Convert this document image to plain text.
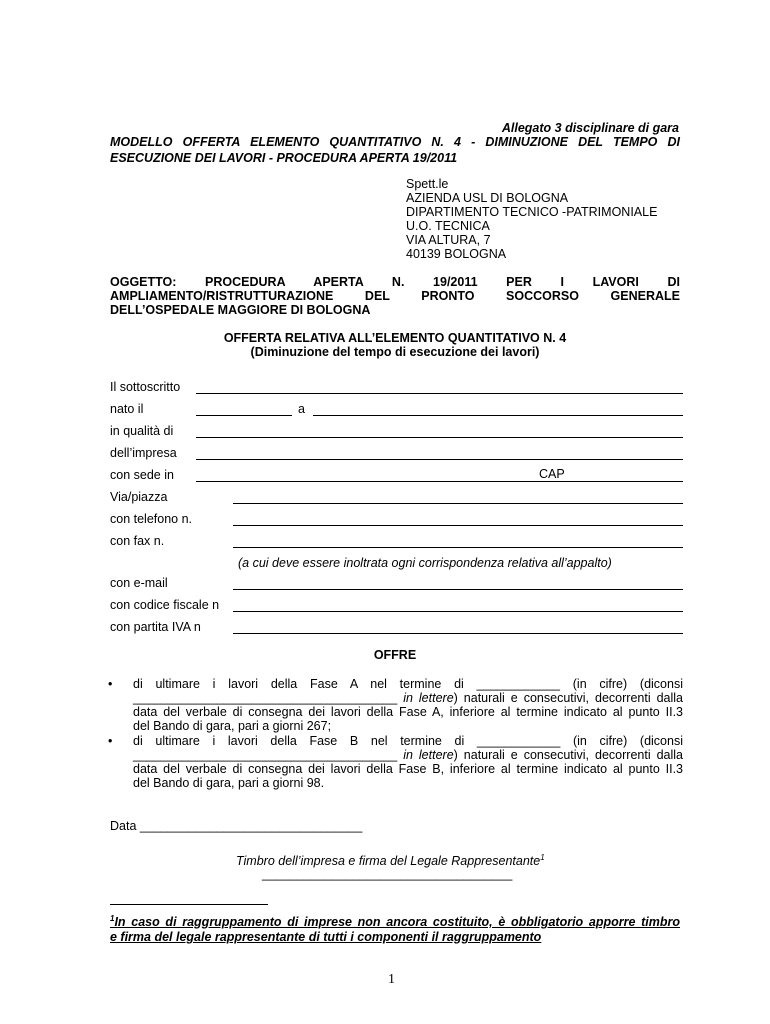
Allegato 3 disciplinare di gara
MODELLO OFFERTA ELEMENTO QUANTITATIVO N. 4 - DIMINUZIONE DEL TEMPO DI
ESECUZIONE DEI LAVORI - PROCEDURA APERTA 19/2011
Spett.le
AZIENDA USL DI BOLOGNA
DIPARTIMENTO TECNICO -PATRIMONIALE
U.O. TECNICA
VIA ALTURA, 7
40139 BOLOGNA
OGGETTO: PROCEDURA APERTA N. 19/2011 PER I LAVORI DI
AMPLIAMENTO/RISTRUTTURAZIONE DEL PRONTO SOCCORSO GENERALE
DELL’OSPEDALE MAGGIORE DI BOLOGNA
OFFERTA RELATIVA ALL’ELEMENTO QUANTITATIVO N. 4
(Diminuzione del tempo di esecuzione dei lavori)
Il sottoscritto
nato il	a
in qualità di
dell’impresa
con sede in	CAP
Via/piazza
con telefono n.
con fax n.
(a cui deve essere inoltrata ogni corrispondenza relativa all’appalto)
con e-mail
con codice fiscale n
con partita IVA n
OFFRE
• di ultimare i lavori della Fase A nel termine di ____________ (in cifre) (diconsi
______________________________________ in lettere) naturali e consecutivi, decorrenti dalla
data del verbale di consegna dei lavori della Fase A, inferiore al termine indicato al punto II.3
del Bando di gara, pari a giorni 267;
• di ultimare i lavori della Fase B nel termine di ____________ (in cifre) (diconsi
______________________________________ in lettere) naturali e consecutivi, decorrenti dalla
data del verbale di consegna dei lavori della Fase B, inferiore al termine indicato al punto II.3
del Bando di gara, pari a giorni 98.
Data ________________________________
Timbro dell’impresa e firma del Legale Rappresentante$^1$
____________________________________
$^1$In caso di raggruppamento di imprese non ancora costituito, è obbligatorio apporre timbro
e firma del legale rappresentante di tutti i componenti il raggruppamento
1
